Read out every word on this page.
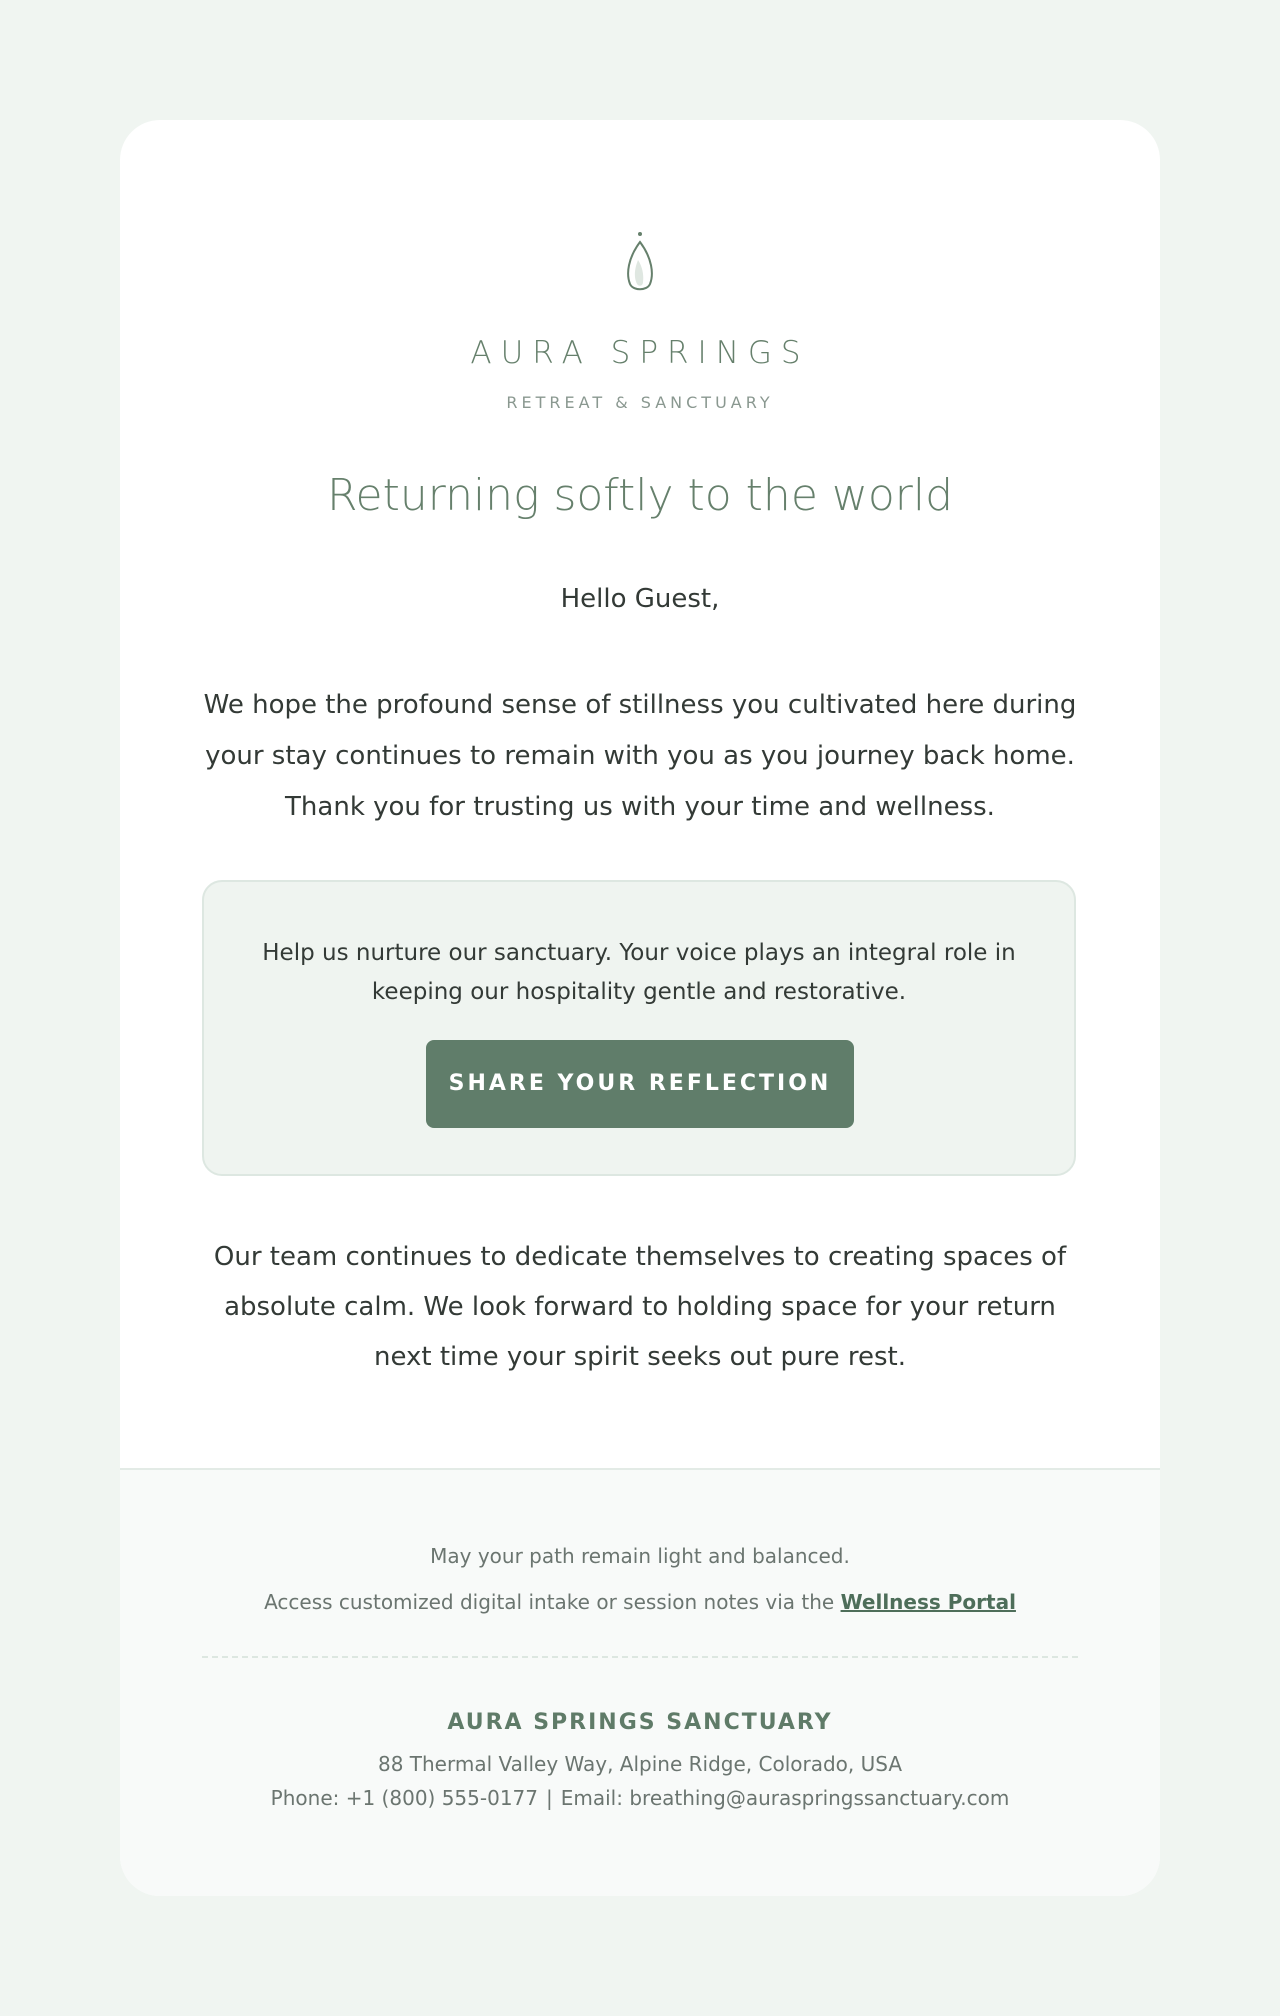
AURA SPRINGS
RETREAT & SANCTUARY
Returning softly to the world
Hello Guest,

We hope the profound sense of stillness you cultivated here during your stay continues to remain with you as you journey back home. Thank you for trusting us with your time and wellness.

Help us nurture our sanctuary. Your voice plays an integral role in keeping our hospitality gentle and restorative.

SHARE YOUR REFLECTION

Our team continues to dedicate themselves to creating spaces of absolute calm. We look forward to holding space for your return next time your spirit seeks out pure rest.

May your path remain light and balanced.
Access customized digital intake or session notes via the Wellness Portal
AURA SPRINGS SANCTUARY
88 Thermal Valley Way, Alpine Ridge, Colorado, USA
Phone: +1 (800) 555-0177 | Email: breathing@auraspringssanctuary.com
